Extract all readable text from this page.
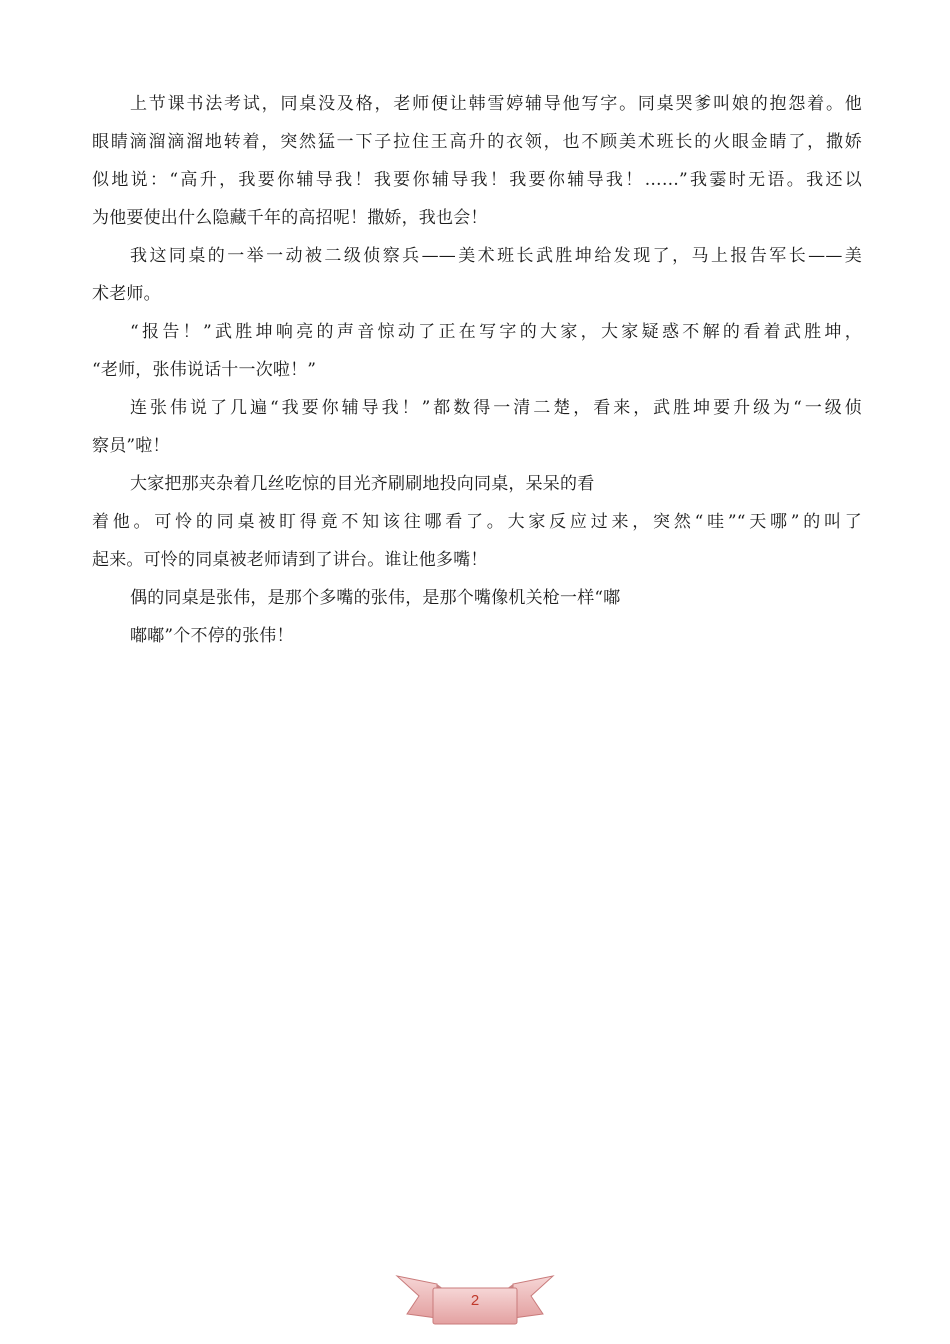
上节课书法考试，同桌没及格，老师便让韩雪婷辅导他写字。同桌哭爹叫娘的抱怨着。他
眼睛滴溜滴溜地转着，突然猛一下子拉住王高升的衣领，也不顾美术班长的火眼金睛了，撒娇
似地说：“高升，我要你辅导我！我要你辅导我！我要你辅导我！……”我霎时无语。我还以
为他要使出什么隐藏千年的高招呢！撒娇，我也会！
我这同桌的一举一动被二级侦察兵——美术班长武胜坤给发现了，马上报告军长——美
术老师。
“报告！”武胜坤响亮的声音惊动了正在写字的大家，大家疑惑不解的看着武胜坤，
“老师，张伟说话十一次啦！”
连张伟说了几遍“我要你辅导我！”都数得一清二楚，看来，武胜坤要升级为“一级侦
察员”啦！
大家把那夹杂着几丝吃惊的目光齐刷刷地投向同桌，呆呆的看
着他。可怜的同桌被盯得竟不知该往哪看了。大家反应过来，突然“哇”“天哪”的叫了
起来。可怜的同桌被老师请到了讲台。谁让他多嘴！
偶的同桌是张伟，是那个多嘴的张伟，是那个嘴像机关枪一样“嘟
嘟嘟”个不停的张伟！
2
